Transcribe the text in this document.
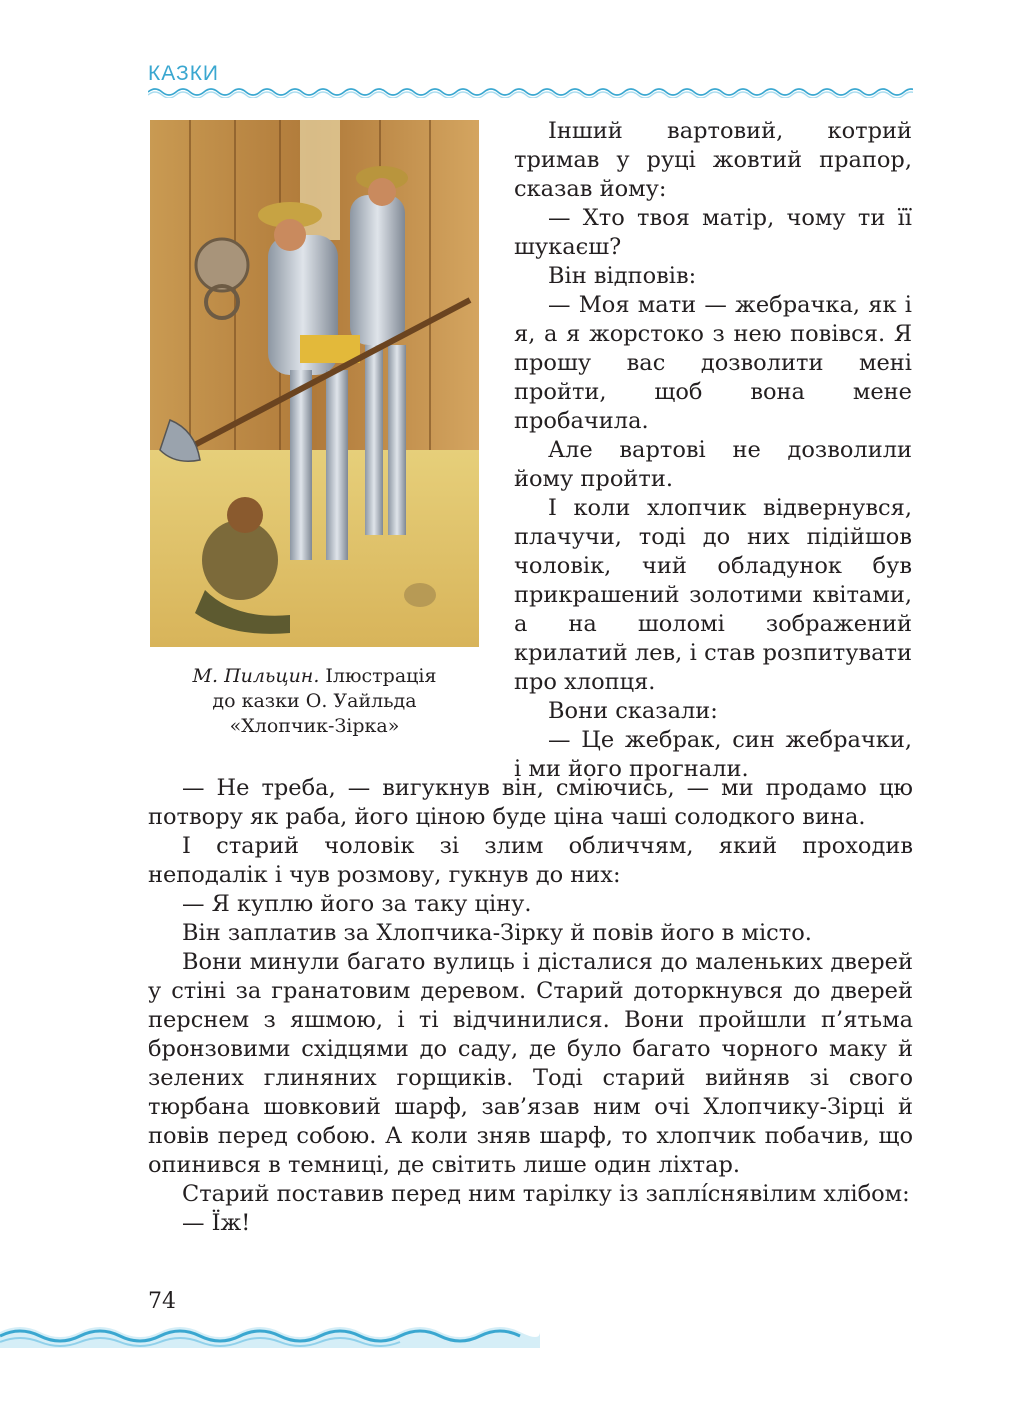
КАЗКИ
М. Пильцин. Ілюстрація
до казки О. Уайльда
«Хлопчик-Зірка»

Інший вартовий, котрий тримав у руці жовтий прапор, сказав йому:

— Хто твоя матір, чому ти її шукаєш?

Він відповів:

— Моя мати — жебрачка, як і я, а я жорстоко з нею повівся. Я прошу вас дозволити мені пройти, щоб вона мене пробачила.

Але вартові не дозволили йому пройти.

І коли хлопчик відвернувся, плачучи, тоді до них підійшов чоловік, чий обладунок був прикрашений золотими квітами, а на шоломі зображений крилатий лев, і став розпитувати про хлопця.

Вони сказали:

— Це жебрак, син жебрачки, і ми його прогнали.

— Не треба, — вигукнув він, сміючись, — ми продамо цю потвору як раба, його ціною буде ціна чаші солодкого вина.

І старий чоловік зі злим обличчям, який проходив неподалік і чув розмову, гукнув до них:

— Я куплю його за таку ціну.

Він заплатив за Хлопчика-Зірку й повів його в місто.

Вони минули багато вулиць і дісталися до маленьких дверей у стіні за гранатовим деревом. Старий доторкнувся до дверей перснем з яшмою, і ті відчинилися. Вони пройшли п’ятьма бронзовими східцями до саду, де було багато чорного маку й зелених глиняних горщиків. Тоді старий вийняв зі свого тюрбана шовковий шарф, зав’язав ним очі Хлопчику-Зірці й повів перед собою. А коли зняв шарф, то хлопчик побачив, що опинився в темниці, де світить лише один ліхтар.

Старий поставив перед ним тарілку із заплíснявілим хлібом:

— Їж!

74
